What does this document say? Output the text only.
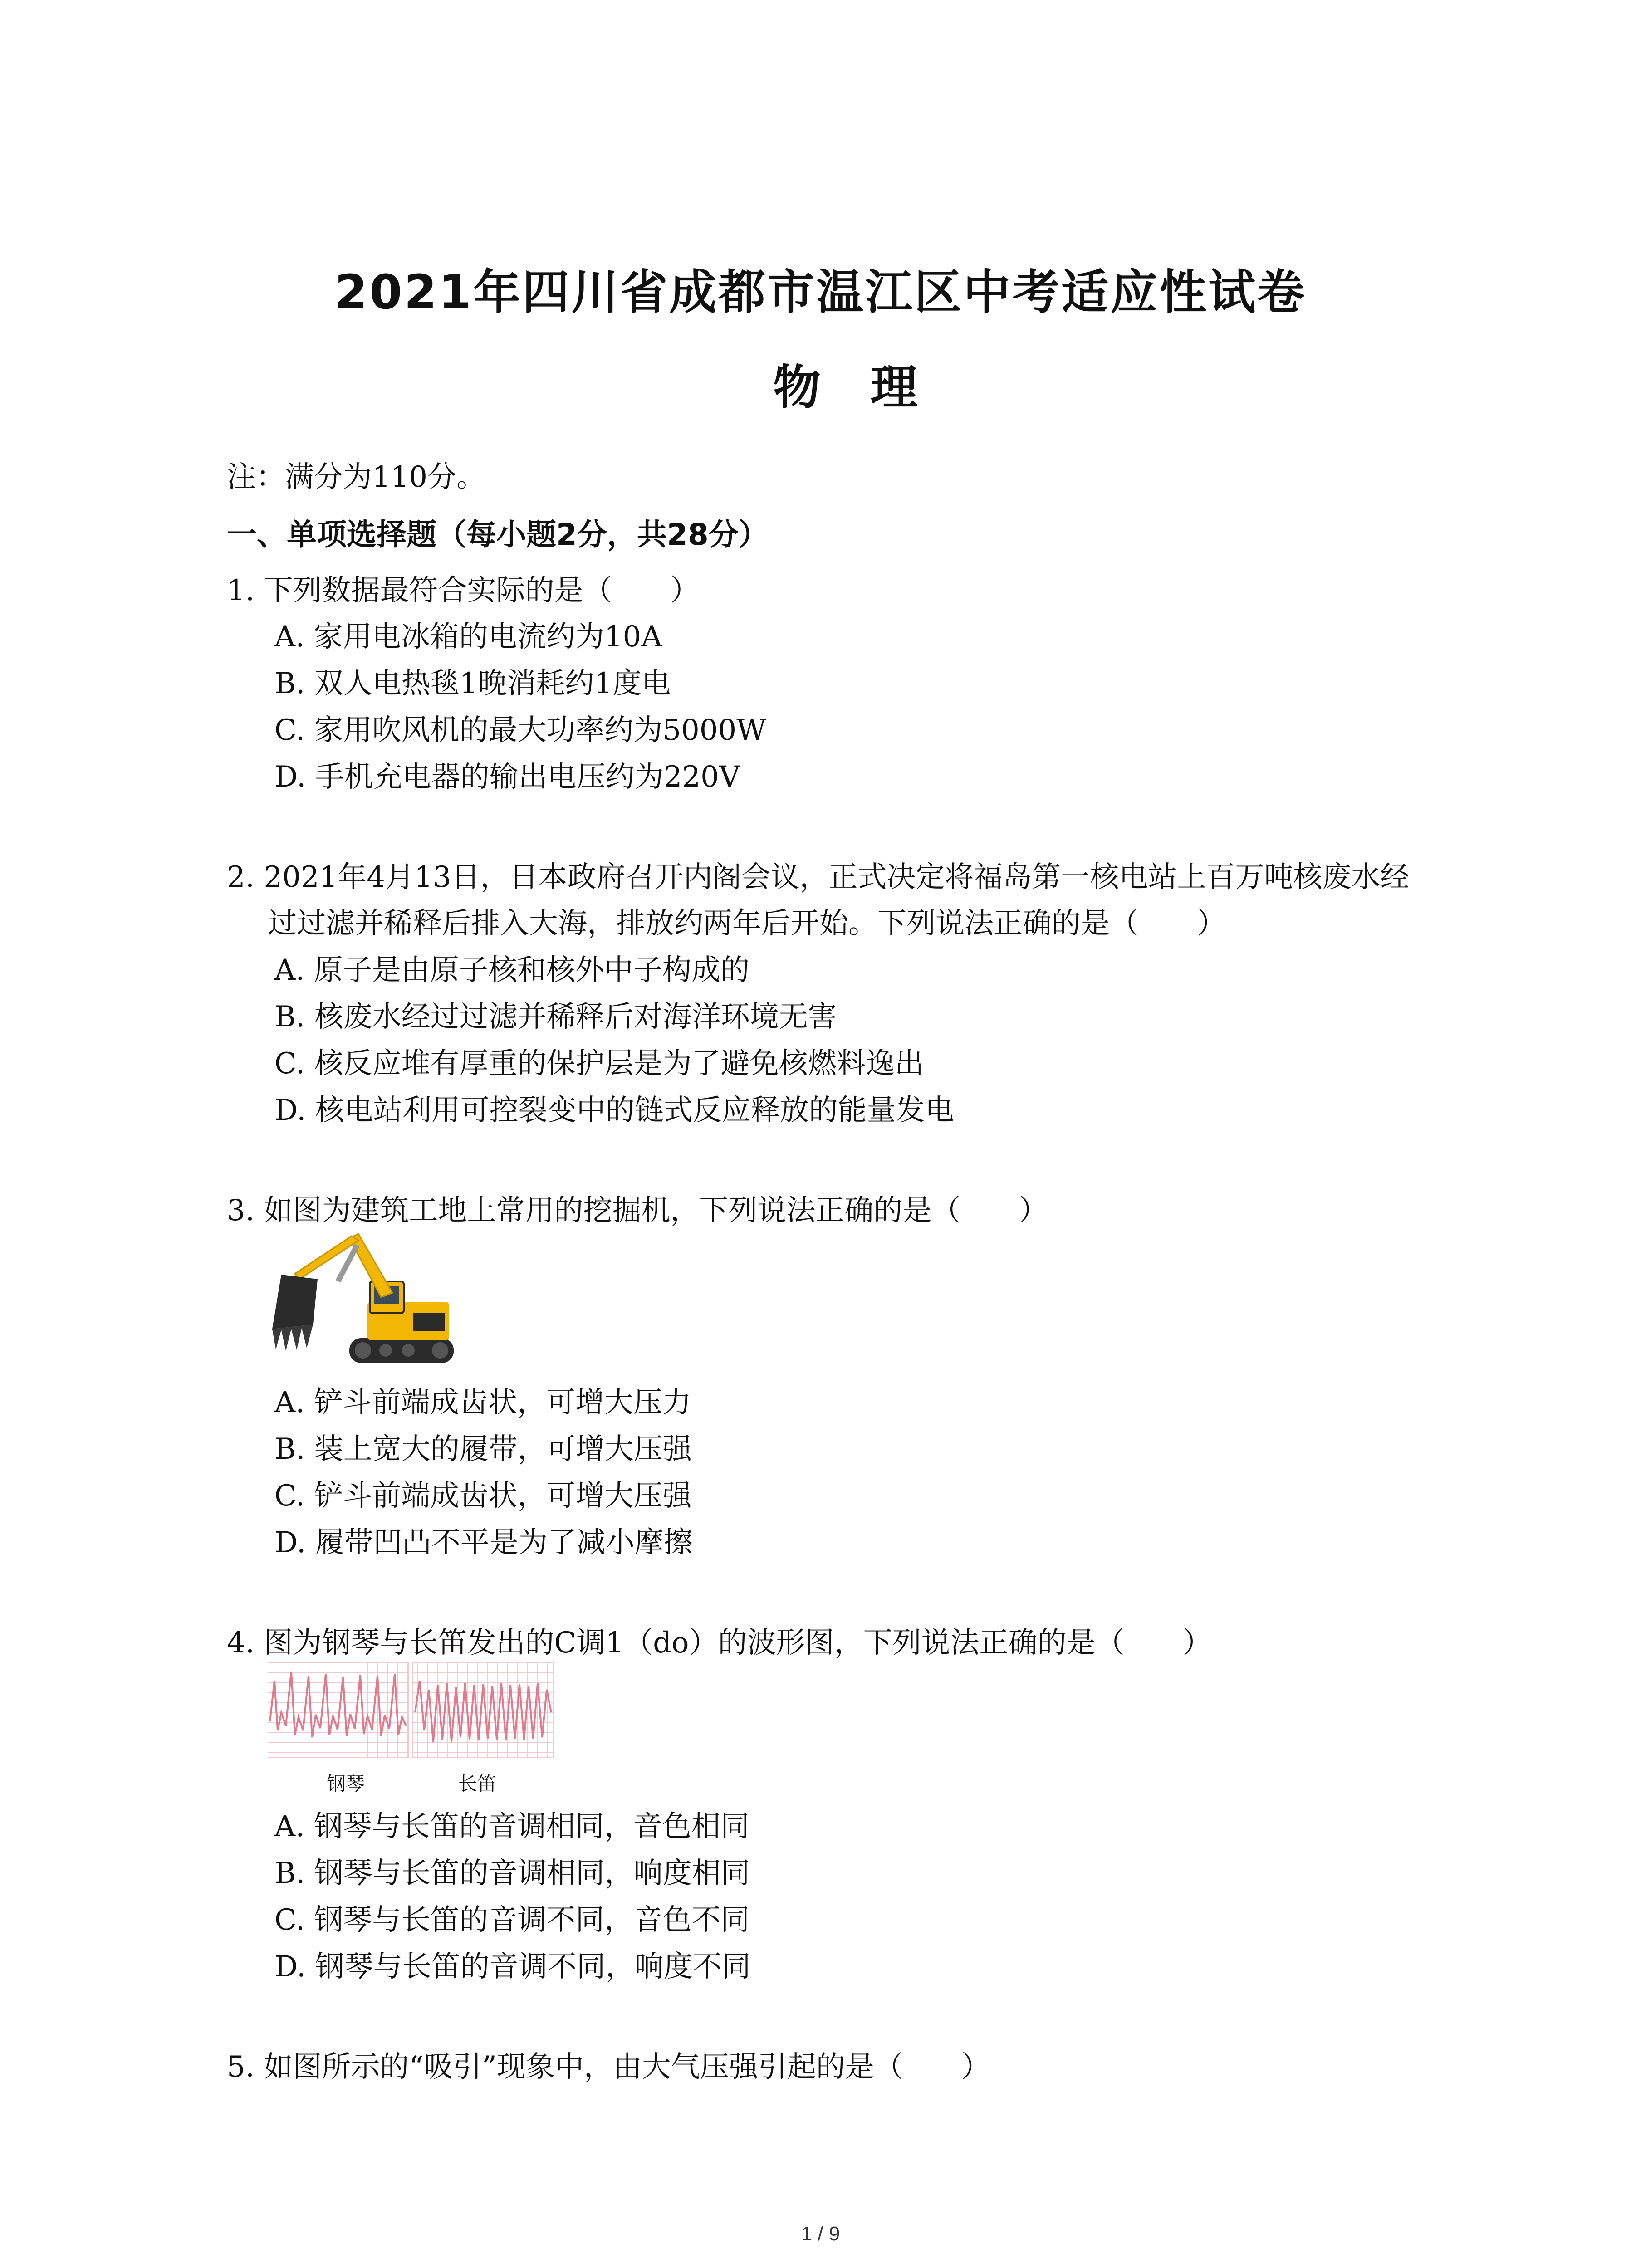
2021年四川省成都市温江区中考适应性试卷
物理
注：满分为110分。
一、单项选择题（每小题2分，共28分）
1. 下列数据最符合实际的是（　　）
A. 家用电冰箱的电流约为10A
B. 双人电热毯1晚消耗约1度电
C. 家用吹风机的最大功率约为5000W
D. 手机充电器的输出电压约为220V
2. 2021年4月13日，日本政府召开内阁会议，正式决定将福岛第一核电站上百万吨核废水经
过过滤并稀释后排入大海，排放约两年后开始。下列说法正确的是（　　）
A. 原子是由原子核和核外中子构成的
B. 核废水经过过滤并稀释后对海洋环境无害
C. 核反应堆有厚重的保护层是为了避免核燃料逸出
D. 核电站利用可控裂变中的链式反应释放的能量发电
3. 如图为建筑工地上常用的挖掘机，下列说法正确的是（　　）
A. 铲斗前端成齿状，可增大压力
B. 装上宽大的履带，可增大压强
C. 铲斗前端成齿状，可增大压强
D. 履带凹凸不平是为了减小摩擦
4. 图为钢琴与长笛发出的C调1（do）的波形图，下列说法正确的是（　　）
钢琴	长笛
A. 钢琴与长笛的音调相同，音色相同
B. 钢琴与长笛的音调相同，响度相同
C. 钢琴与长笛的音调不同，音色不同
D. 钢琴与长笛的音调不同，响度不同
5. 如图所示的“吸引”现象中，由大气压强引起的是（　　）
1 / 9
